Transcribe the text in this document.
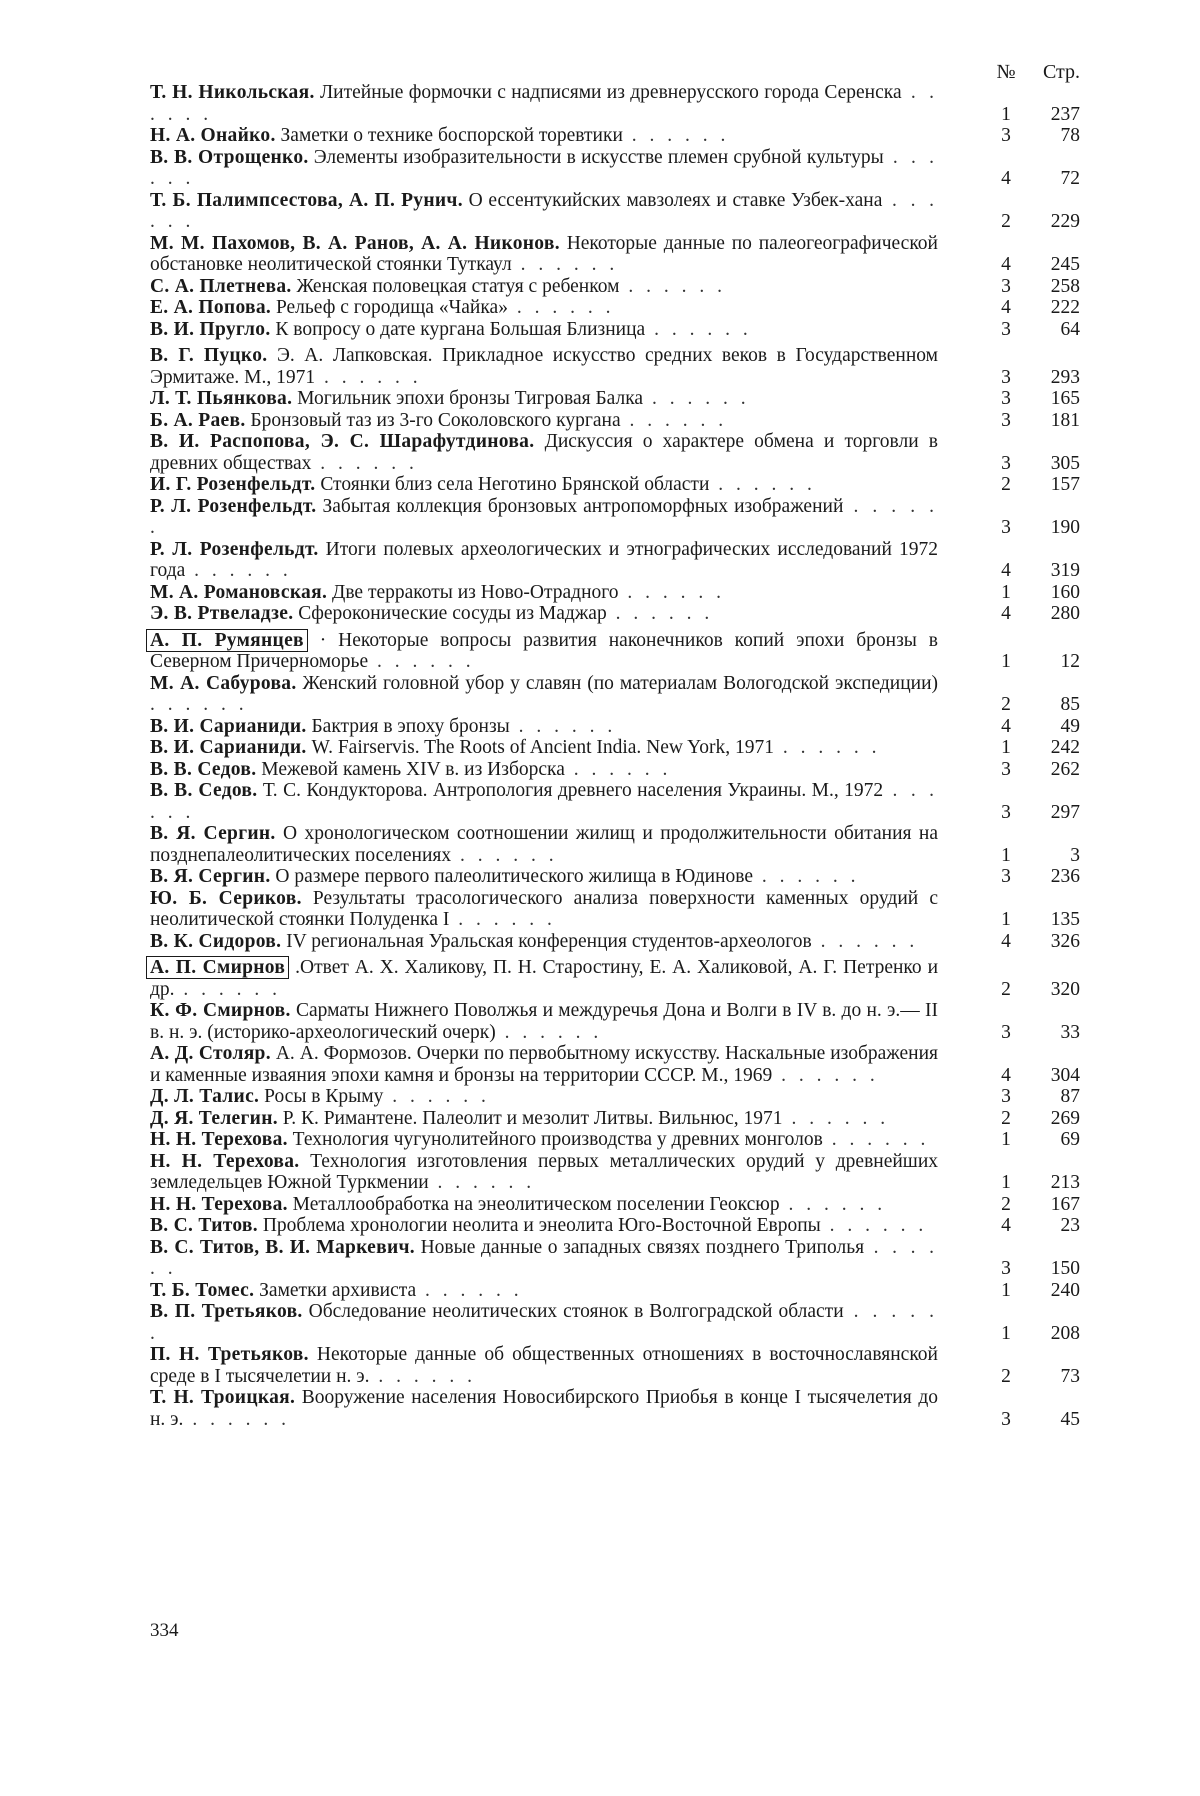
№	Стр.
Т. Н. Никольская. Литейные формочки с надписями из древнерусского города Серенска . . . . . .	1	237
Н. А. Онайко. Заметки о технике боспорской торевтики . . . . . .	3	78
В. В. Отрощенко. Элементы изобразительности в искусстве племен срубной культуры . . . . . .	4	72
Т. Б. Палимпсестова, А. П. Рунич. О ессентукийских мавзолеях и ставке Узбек-хана . . . . . .	2	229
М. М. Пахомов, В. А. Ранов, А. А. Никонов. Некоторые данные по палеогеографической обстановке неолитической стоянки Туткаул . . . . . .	4	245
С. А. Плетнева. Женская половецкая статуя с ребенком . . . . . .	3	258
Е. А. Попова. Рельеф с городища «Чайка» . . . . . .	4	222
В. И. Пругло. К вопросу о дате кургана Большая Близница . . . . . .	3	64
В. Г. Пуцко. Э. А. Лапковская. Прикладное искусство средних веков в Государственном Эрмитаже. М., 1971 . . . . . .	3	293
Л. Т. Пьянкова. Могильник эпохи бронзы Тигровая Балка . . . . . .	3	165
Б. А. Раев. Бронзовый таз из 3-го Соколовского кургана . . . . . .	3	181
В. И. Распопова, Э. С. Шарафутдинова. Дискуссия о характере обмена и торговли в древних обществах . . . . . .	3	305
И. Г. Розенфельдт. Стоянки близ села Неготино Брянской области . . . . . .	2	157
Р. Л. Розенфельдт. Забытая коллекция бронзовых антропоморфных изображений . . . . . .	3	190
Р. Л. Розенфельдт. Итоги полевых археологических и этнографических исследований 1972 года . . . . . .	4	319
М. А. Романовская. Две терракоты из Ново-Отрадного . . . . . .	1	160
Э. В. Ртвеладзе. Сфероконические сосуды из Маджар . . . . . .	4	280
А. П. Румянцев · Некоторые вопросы развития наконечников копий эпохи бронзы в Северном Причерноморье . . . . . .	1	12
М. А. Сабурова. Женский головной убор у славян (по материалам Вологодской экспедиции) . . . . . .	2	85
В. И. Сарианиди. Бактрия в эпоху бронзы . . . . . .	4	49
В. И. Сарианиди. W. Fairservis. The Roots of Ancient India. New York, 1971 . . . . . .	1	242
В. В. Седов. Межевой камень XIV в. из Изборска . . . . . .	3	262
В. В. Седов. Т. С. Кондукторова. Антропология древнего населения Украины. М., 1972 . . . . . .	3	297
В. Я. Сергин. О хронологическом соотношении жилищ и продолжительности обитания на позднепалеолитических поселениях . . . . . .	1	3
В. Я. Сергин. О размере первого палеолитического жилища в Юдинове . . . . . .	3	236
Ю. Б. Сериков. Результаты трасологического анализа поверхности каменных орудий с неолитической стоянки Полуденка I . . . . . .	1	135
В. К. Сидоров. IV региональная Уральская конференция студентов-археологов . . . . . .	4	326
А. П. Смирнов .Ответ А. Х. Халикову, П. Н. Старостину, Е. А. Халиковой, А. Г. Петренко и др. . . . . . .	2	320
К. Ф. Смирнов. Сарматы Нижнего Поволжья и междуречья Дона и Волги в IV в. до н. э.— II в. н. э. (историко-археологический очерк) . . . . . .	3	33
А. Д. Столяр. А. А. Формозов. Очерки по первобытному искусству. Наскальные изображения и каменные изваяния эпохи камня и бронзы на территории СССР. М., 1969 . . . . . .	4	304
Д. Л. Талис. Росы в Крыму . . . . . .	3	87
Д. Я. Телегин. Р. К. Римантене. Палеолит и мезолит Литвы. Вильнюс, 1971 . . . . . .	2	269
Н. Н. Терехова. Технология чугунолитейного производства у древних монголов . . . . . .	1	69
Н. Н. Терехова. Технология изготовления первых металлических орудий у древнейших земледельцев Южной Туркмении . . . . . .	1	213
Н. Н. Терехова. Металлообработка на энеолитическом поселении Геоксюр . . . . . .	2	167
В. С. Титов. Проблема хронологии неолита и энеолита Юго-Восточной Европы . . . . . .	4	23
В. С. Титов, В. И. Маркевич. Новые данные о западных связях позднего Триполья . . . . . .	3	150
Т. Б. Томес. Заметки архивиста . . . . . .	1	240
В. П. Третьяков. Обследование неолитических стоянок в Волгоградской области . . . . . .	1	208
П. Н. Третьяков. Некоторые данные об общественных отношениях в восточнославянской среде в I тысячелетии н. э. . . . . . .	2	73
Т. Н. Троицкая. Вооружение населения Новосибирского Приобья в конце I тысячелетия до н. э. . . . . . .	3	45
334
